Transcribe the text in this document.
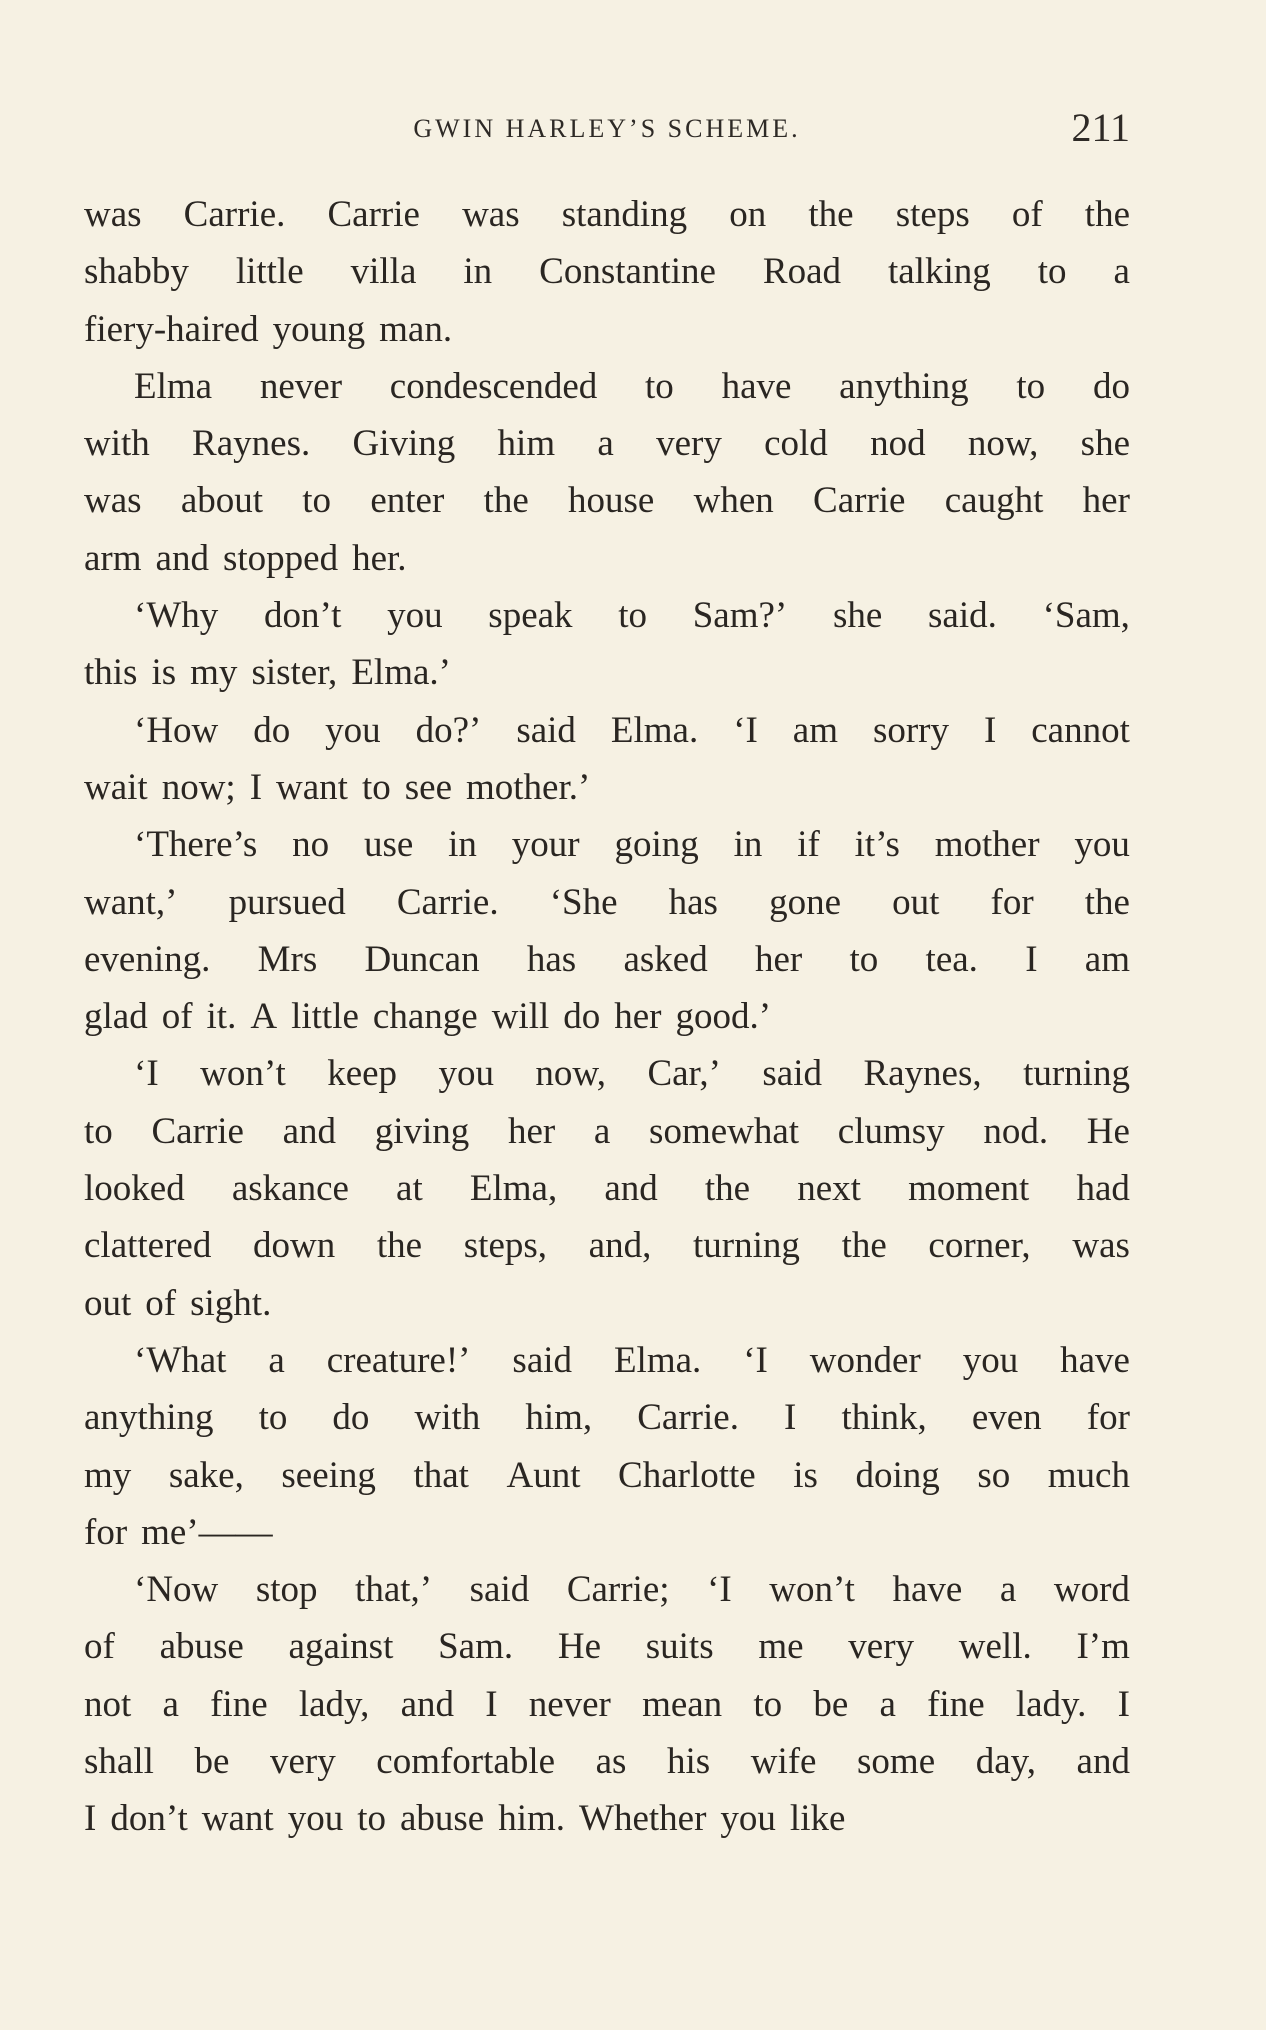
GWIN HARLEY’S SCHEME.	211
was Carrie. Carrie was standing on the steps of the
shabby little villa in Constantine Road talking to a
fiery-haired young man.
Elma never condescended to have anything to do
with Raynes. Giving him a very cold nod now, she
was about to enter the house when Carrie caught her
arm and stopped her.
‘Why don’t you speak to Sam?’ she said. ‘Sam,
this is my sister, Elma.’
‘How do you do?’ said Elma. ‘I am sorry I cannot
wait now; I want to see mother.’
‘There’s no use in your going in if it’s mother you
want,’ pursued Carrie. ‘She has gone out for the
evening. Mrs Duncan has asked her to tea. I am
glad of it. A little change will do her good.’
‘I won’t keep you now, Car,’ said Raynes, turning
to Carrie and giving her a somewhat clumsy nod. He
looked askance at Elma, and the next moment had
clattered down the steps, and, turning the corner, was
out of sight.
‘What a creature!’ said Elma. ‘I wonder you have
anything to do with him, Carrie. I think, even for
my sake, seeing that Aunt Charlotte is doing so much
for me’——
‘Now stop that,’ said Carrie; ‘I won’t have a word
of abuse against Sam. He suits me very well. I’m
not a fine lady, and I never mean to be a fine lady. I
shall be very comfortable as his wife some day, and
I don’t want you to abuse him. Whether you like
